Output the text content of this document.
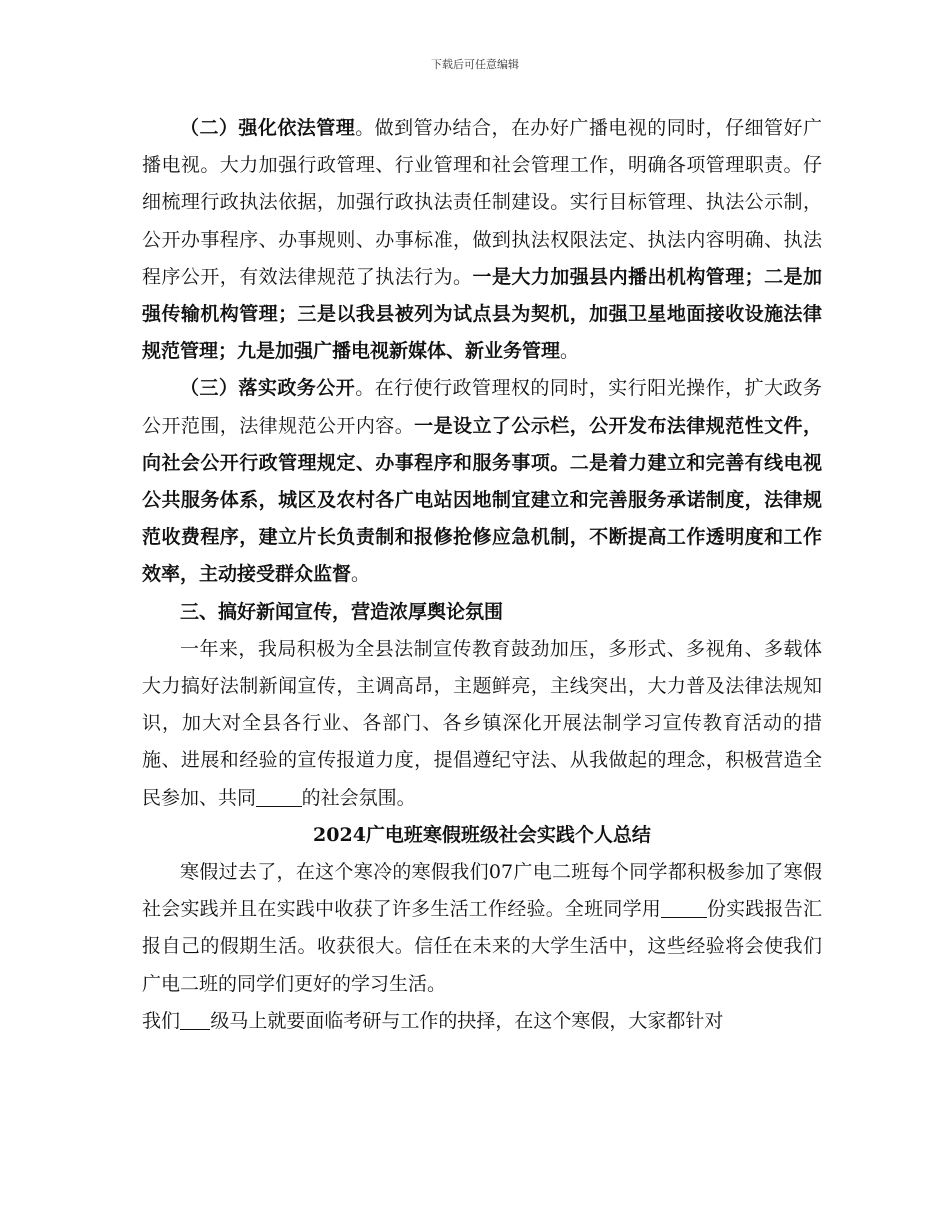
下载后可任意编辑

（二）强化依法管理。做到管办结合，在办好广播电视的同时，仔细管好广播电视。大力加强行政管理、行业管理和社会管理工作，明确各项管理职责。仔细梳理行政执法依据，加强行政执法责任制建设。实行目标管理、执法公示制，公开办事程序、办事规则、办事标准，做到执法权限法定、执法内容明确、执法程序公开，有效法律规范了执法行为。一是大力加强县内播出机构管理；二是加强传输机构管理；三是以我县被列为试点县为契机，加强卫星地面接收设施法律规范管理；九是加强广播电视新媒体、新业务管理。

（三）落实政务公开。在行使行政管理权的同时，实行阳光操作，扩大政务公开范围，法律规范公开内容。一是设立了公示栏，公开发布法律规范性文件，向社会公开行政管理规定、办事程序和服务事项。二是着力建立和完善有线电视公共服务体系，城区及农村各广电站因地制宜建立和完善服务承诺制度，法律规范收费程序，建立片长负责制和报修抢修应急机制，不断提高工作透明度和工作效率，主动接受群众监督。

三、搞好新闻宣传，营造浓厚舆论氛围

一年来，我局积极为全县法制宣传教育鼓劲加压，多形式、多视角、多载体大力搞好法制新闻宣传，主调高昂，主题鲜亮，主线突出，大力普及法律法规知识，加大对全县各行业、各部门、各乡镇深化开展法制学习宣传教育活动的措施、进展和经验的宣传报道力度，提倡遵纪守法、从我做起的理念，积极营造全民参加、共同 的社会氛围。

2024广电班寒假班级社会实践个人总结

寒假过去了，在这个寒冷的寒假我们07广电二班每个同学都积极参加了寒假社会实践并且在实践中收获了许多生活工作经验。全班同学用 份实践报告汇报自己的假期生活。收获很大。信任在未来的大学生活中，这些经验将会使我们广电二班的同学们更好的学习生活。

我们 级马上就要面临考研与工作的抉择，在这个寒假，大家都针对
